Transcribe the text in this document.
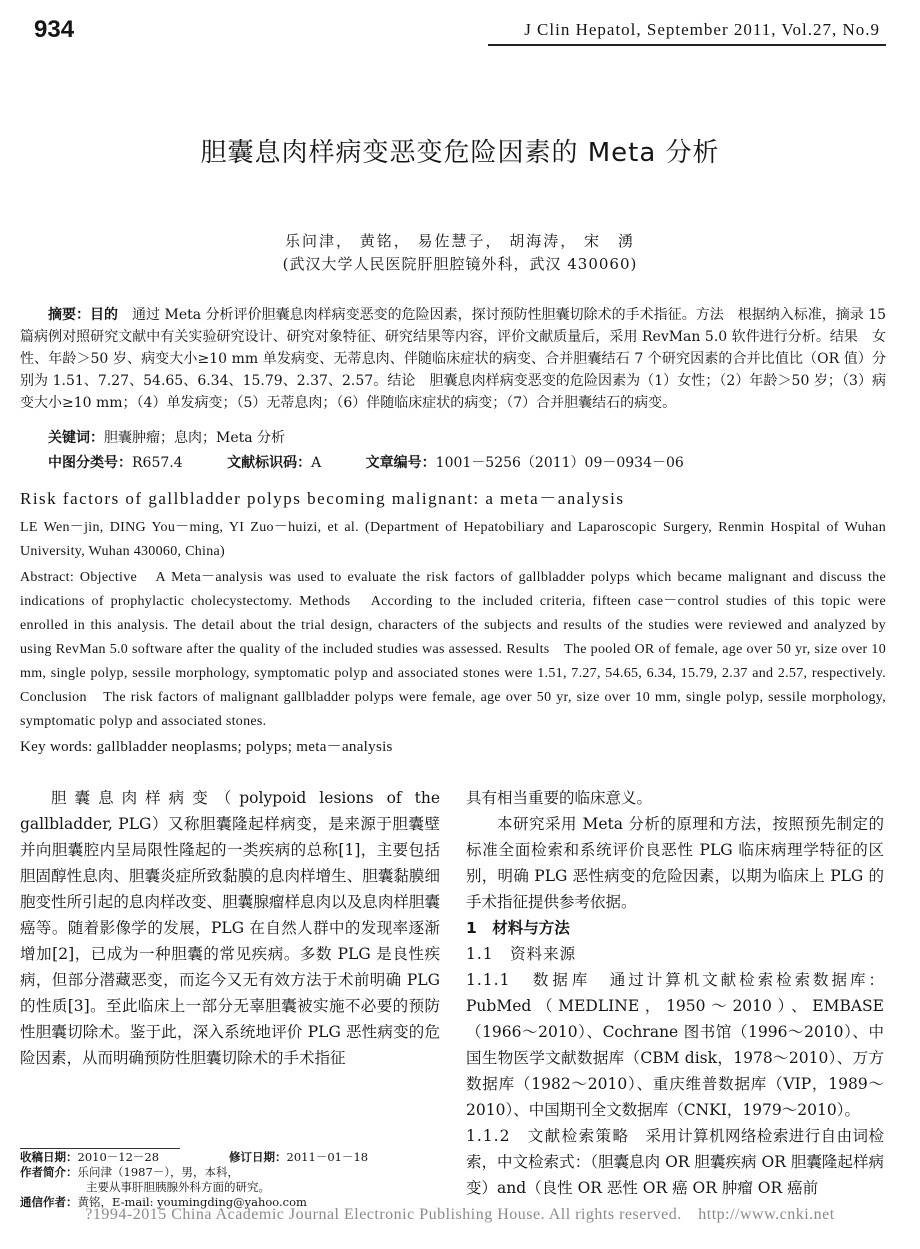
934	J Clin Hepatol, September 2011, Vol.27, No.9
胆囊息肉样病变恶变危险因素的 Meta 分析
乐问津， 黄铭， 易佐慧子， 胡海涛， 宋　湧
(武汉大学人民医院肝胆腔镜外科，武汉 430060)
摘要：目的　 通过 Meta 分析评价胆囊息肉样病变恶变的危险因素，探讨预防性胆囊切除术的手术指征。方法　根据纳入标准，摘录 15 篇病例对照研究文献中有关实验研究设计、研究对象特征、研究结果等内容，评价文献质量后，采用 RevMan 5.0 软件进行分析。结果　女性、年龄＞50 岁、病变大小≥10 mm 单发病变、无蒂息肉、伴随临床症状的病变、合并胆囊结石 7 个研究因素的合并比值比（OR 值）分别为 1.51、7.27、54.65、6.34、15.79、2.37、2.57。结论　胆囊息肉样病变恶变的危险因素为（1）女性；（2）年龄＞50 岁；（3）病变大小≥10 mm；（4）单发病变；（5）无蒂息肉；（6）伴随临床症状的病变；（7）合并胆囊结石的病变。
关键词：胆囊肿瘤；息肉；Meta 分析
中图分类号：R657.4	文献标识码：A	文章编号：1001－5256（2011）09－0934－06
Risk factors of gallbladder polyps becoming malignant: a meta－analysis
LE Wen－jin, DING You－ming, YI Zuo－huizi, et al. (Department of Hepatobiliary and Laparoscopic Surgery, Renmin Hospital of Wuhan University, Wuhan 430060, China)
Abstract: Objective　A Meta－analysis was used to evaluate the risk factors of gallbladder polyps which became malignant and discuss the indications of prophylactic cholecystectomy. Methods　According to the included criteria, fifteen case－control studies of this topic were enrolled in this analysis. The detail about the trial design, characters of the subjects and results of the studies were reviewed and analyzed by using RevMan 5.0 software after the quality of the included studies was assessed. Results　The pooled OR of female, age over 50 yr, size over 10 mm, single polyp, sessile morphology, symptomatic polyp and associated stones were 1.51, 7.27, 54.65, 6.34, 15.79, 2.37 and 2.57, respectively. Conclusion　The risk factors of malignant gallbladder polyps were female, age over 50 yr, size over 10 mm, single polyp, sessile morphology, symptomatic polyp and associated stones.
Key words: gallbladder neoplasms; polyps; meta－analysis
胆囊息肉样病变（polypoid lesions of the gallbladder, PLG）又称胆囊隆起样病变，是来源于胆囊壁并向胆囊腔内呈局限性隆起的一类疾病的总称[1]，主要包括胆固醇性息肉、胆囊炎症所致黏膜的息肉样增生、胆囊黏膜细胞变性所引起的息肉样改变、胆囊腺瘤样息肉以及息肉样胆囊癌等。随着影像学的发展，PLG 在自然人群中的发现率逐渐增加[2]，已成为一种胆囊的常见疾病。多数 PLG 是良性疾病，但部分潜藏恶变，而迄今又无有效方法于术前明确 PLG 的性质[3]。至此临床上一部分无辜胆囊被实施不必要的预防性胆囊切除术。鉴于此，深入系统地评价 PLG 恶性病变的危险因素，从而明确预防性胆囊切除术的手术指征

具有相当重要的临床意义。

本研究采用 Meta 分析的原理和方法，按照预先制定的标准全面检索和系统评价良恶性 PLG 临床病理学特征的区别，明确 PLG 恶性病变的危险因素，以期为临床上 PLG 的手术指征提供参考依据。

1　材料与方法

1.1　资料来源

1.1.1　数据库　 通过计算机文献检索检索数据库：PubMed（MEDLINE，1950～2010）、EMBASE（1966～2010）、Cochrane 图书馆（1996～2010）、中国生物医学文献数据库（CBM disk，1978～2010）、万方数据库（1982～2010）、重庆维普数据库（VIP，1989～2010）、中国期刊全文数据库（CNKI，1979～2010）。

1.1.2　文献检索策略　 采用计算机网络检索进行自由词检索，中文检索式：（胆囊息肉 OR 胆囊疾病 OR 胆囊隆起样病变）and（良性 OR 恶性 OR 癌 OR 肿瘤 OR 癌前

收稿日期：2010－12－28	修订日期：2011－01－18
作者简介：乐问津（1987－），男，本科，
主要从事肝胆胰腺外科方面的研究。
通信作者：黄铭，E-mail: youmingding@yahoo.com
?1994-2015 China Academic Journal Electronic Publishing House. All rights reserved.　http://www.cnki.net
